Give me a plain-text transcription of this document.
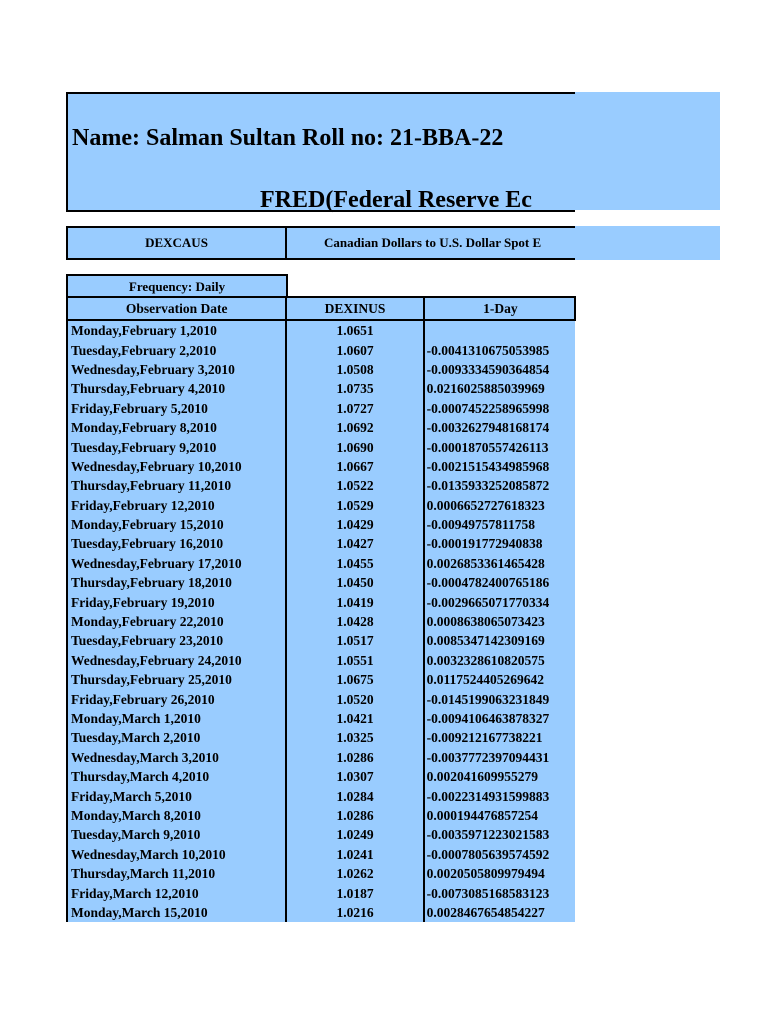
Name: Salman Sultan Roll no: 21-BBA-22
FRED(Federal Reserve Ec
DEXCAUS	Canadian Dollars to U.S. Dollar Spot E
Frequency: Daily
Observation Date	DEXINUS	1-Day
Monday,February 1,2010	1.0651	
Tuesday,February 2,2010	1.0607	-0.0041310675053985
Wednesday,February 3,2010	1.0508	-0.0093334590364854
Thursday,February 4,2010	1.0735	0.0216025885039969
Friday,February 5,2010	1.0727	-0.0007452258965998
Monday,February 8,2010	1.0692	-0.0032627948168174
Tuesday,February 9,2010	1.0690	-0.0001870557426113
Wednesday,February 10,2010	1.0667	-0.0021515434985968
Thursday,February 11,2010	1.0522	-0.0135933252085872
Friday,February 12,2010	1.0529	0.0006652727618323
Monday,February 15,2010	1.0429	-0.00949757811758
Tuesday,February 16,2010	1.0427	-0.000191772940838
Wednesday,February 17,2010	1.0455	0.0026853361465428
Thursday,February 18,2010	1.0450	-0.0004782400765186
Friday,February 19,2010	1.0419	-0.0029665071770334
Monday,February 22,2010	1.0428	0.0008638065073423
Tuesday,February 23,2010	1.0517	0.0085347142309169
Wednesday,February 24,2010	1.0551	0.0032328610820575
Thursday,February 25,2010	1.0675	0.0117524405269642
Friday,February 26,2010	1.0520	-0.0145199063231849
Monday,March 1,2010	1.0421	-0.0094106463878327
Tuesday,March 2,2010	1.0325	-0.009212167738221
Wednesday,March 3,2010	1.0286	-0.0037772397094431
Thursday,March 4,2010	1.0307	0.002041609955279
Friday,March 5,2010	1.0284	-0.0022314931599883
Monday,March 8,2010	1.0286	0.000194476857254
Tuesday,March 9,2010	1.0249	-0.0035971223021583
Wednesday,March 10,2010	1.0241	-0.0007805639574592
Thursday,March 11,2010	1.0262	0.0020505809979494
Friday,March 12,2010	1.0187	-0.0073085168583123
Monday,March 15,2010	1.0216	0.0028467654854227
